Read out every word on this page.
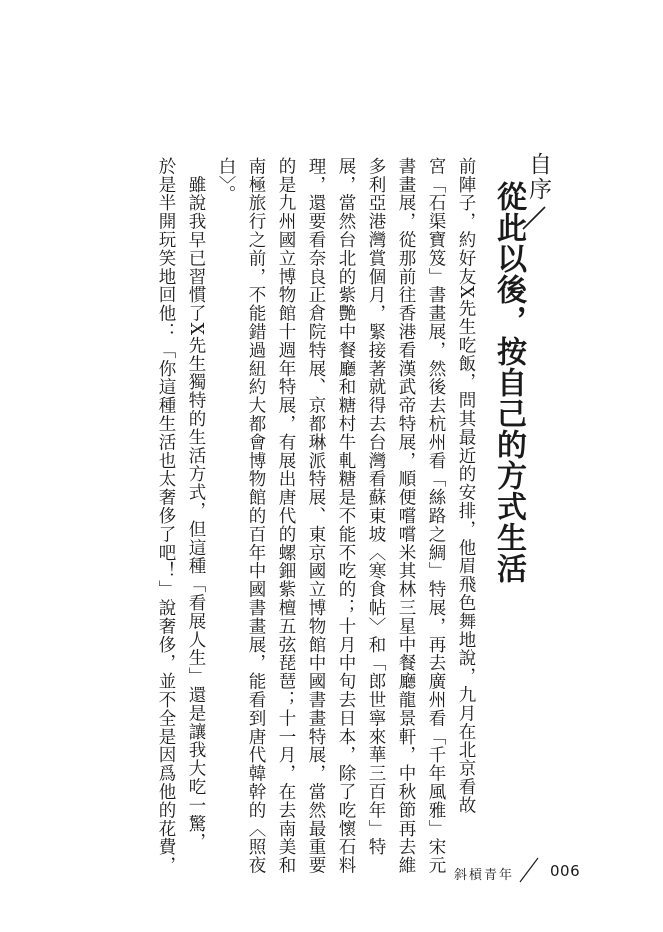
自序
從此以後，按自己的方式生活
前陣子，約好友X先生吃飯，問其最近的安排，他眉飛色舞地說，九月在北京看故
宮「石渠寶笈」書畫展，然後去杭州看「絲路之綢」特展，再去廣州看「千年風雅」宋元
書畫展，從那前往香港看漢武帝特展，順便嚐嚐米其林三星中餐廳龍景軒，中秋節再去維
多利亞港灣賞個月，緊接著就得去台灣看蘇東坡〈寒食帖〉和「郎世寧來華三百年」特
展，當然台北的紫艷中餐廳和糖村牛軋糖是不能不吃的；十月中旬去日本，除了吃懷石料
理，還要看奈良正倉院特展、京都琳派特展、東京國立博物館中國書畫特展，當然最重要
的是九州國立博物館十週年特展，有展出唐代的螺鈿紫檀五弦琵琶；十一月，在去南美和
南極旅行之前，不能錯過紐約大都會博物館的百年中國書畫展，能看到唐代韓幹的〈照夜
白〉。
　雖說我早已習慣了X先生獨特的生活方式，但這種「看展人生」還是讓我大吃一驚，
於是半開玩笑地回他：「你這種生活也太奢侈了吧！」說奢侈，並不全是因爲他的花費，
斜槓青年 006
